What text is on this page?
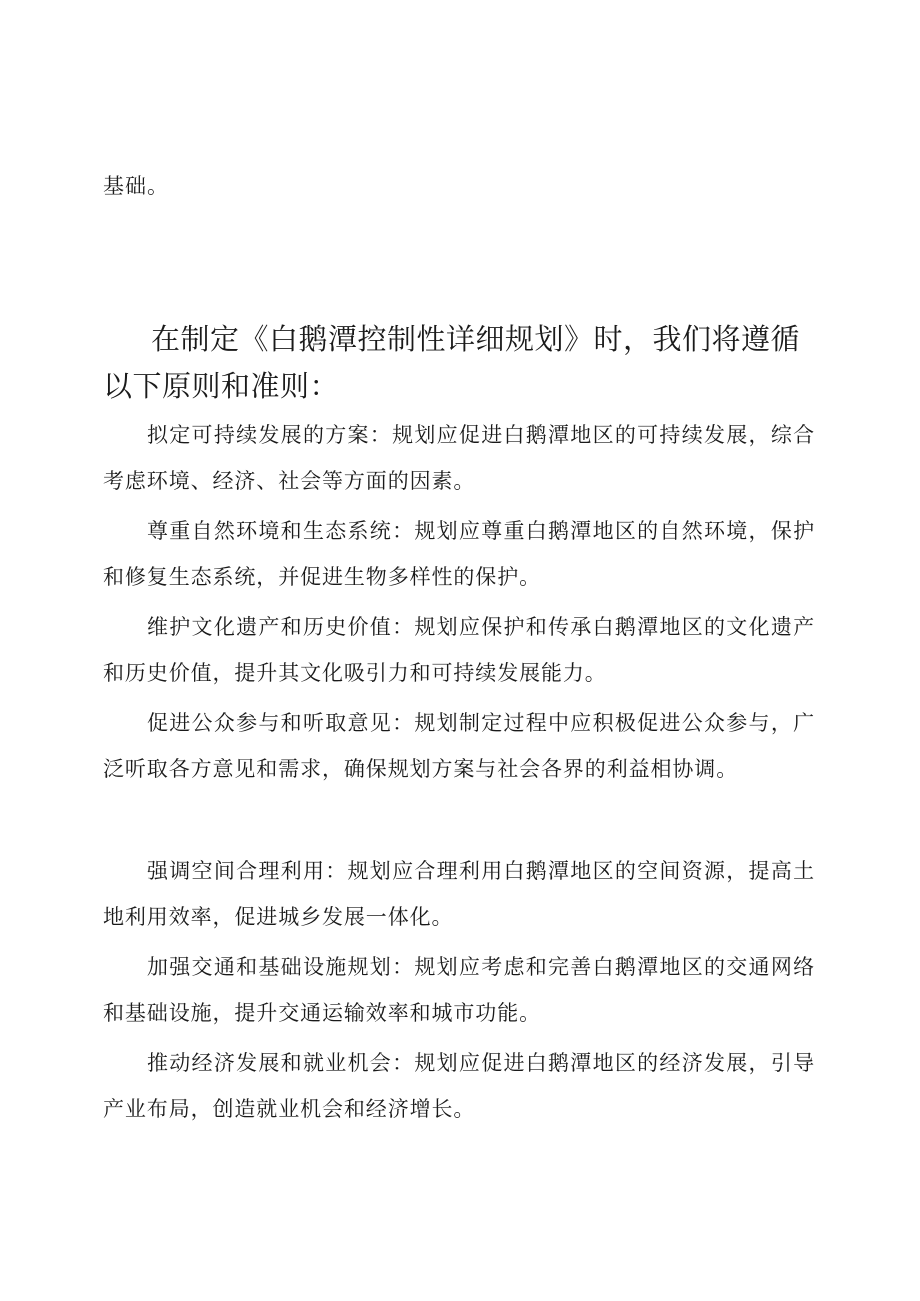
基础。
在制定《白鹅潭控制性详细规划》时，我们将遵循以下原则和准则：

拟定可持续发展的方案：规划应促进白鹅潭地区的可持续发展，综合考虑环境、经济、社会等方面的因素。

尊重自然环境和生态系统：规划应尊重白鹅潭地区的自然环境，保护和修复生态系统，并促进生物多样性的保护。

维护文化遗产和历史价值：规划应保护和传承白鹅潭地区的文化遗产和历史价值，提升其文化吸引力和可持续发展能力。

促进公众参与和听取意见：规划制定过程中应积极促进公众参与，广泛听取各方意见和需求，确保规划方案与社会各界的利益相协调。

强调空间合理利用：规划应合理利用白鹅潭地区的空间资源，提高土地利用效率，促进城乡发展一体化。

加强交通和基础设施规划：规划应考虑和完善白鹅潭地区的交通网络和基础设施，提升交通运输效率和城市功能。

推动经济发展和就业机会：规划应促进白鹅潭地区的经济发展，引导产业布局，创造就业机会和经济增长。
